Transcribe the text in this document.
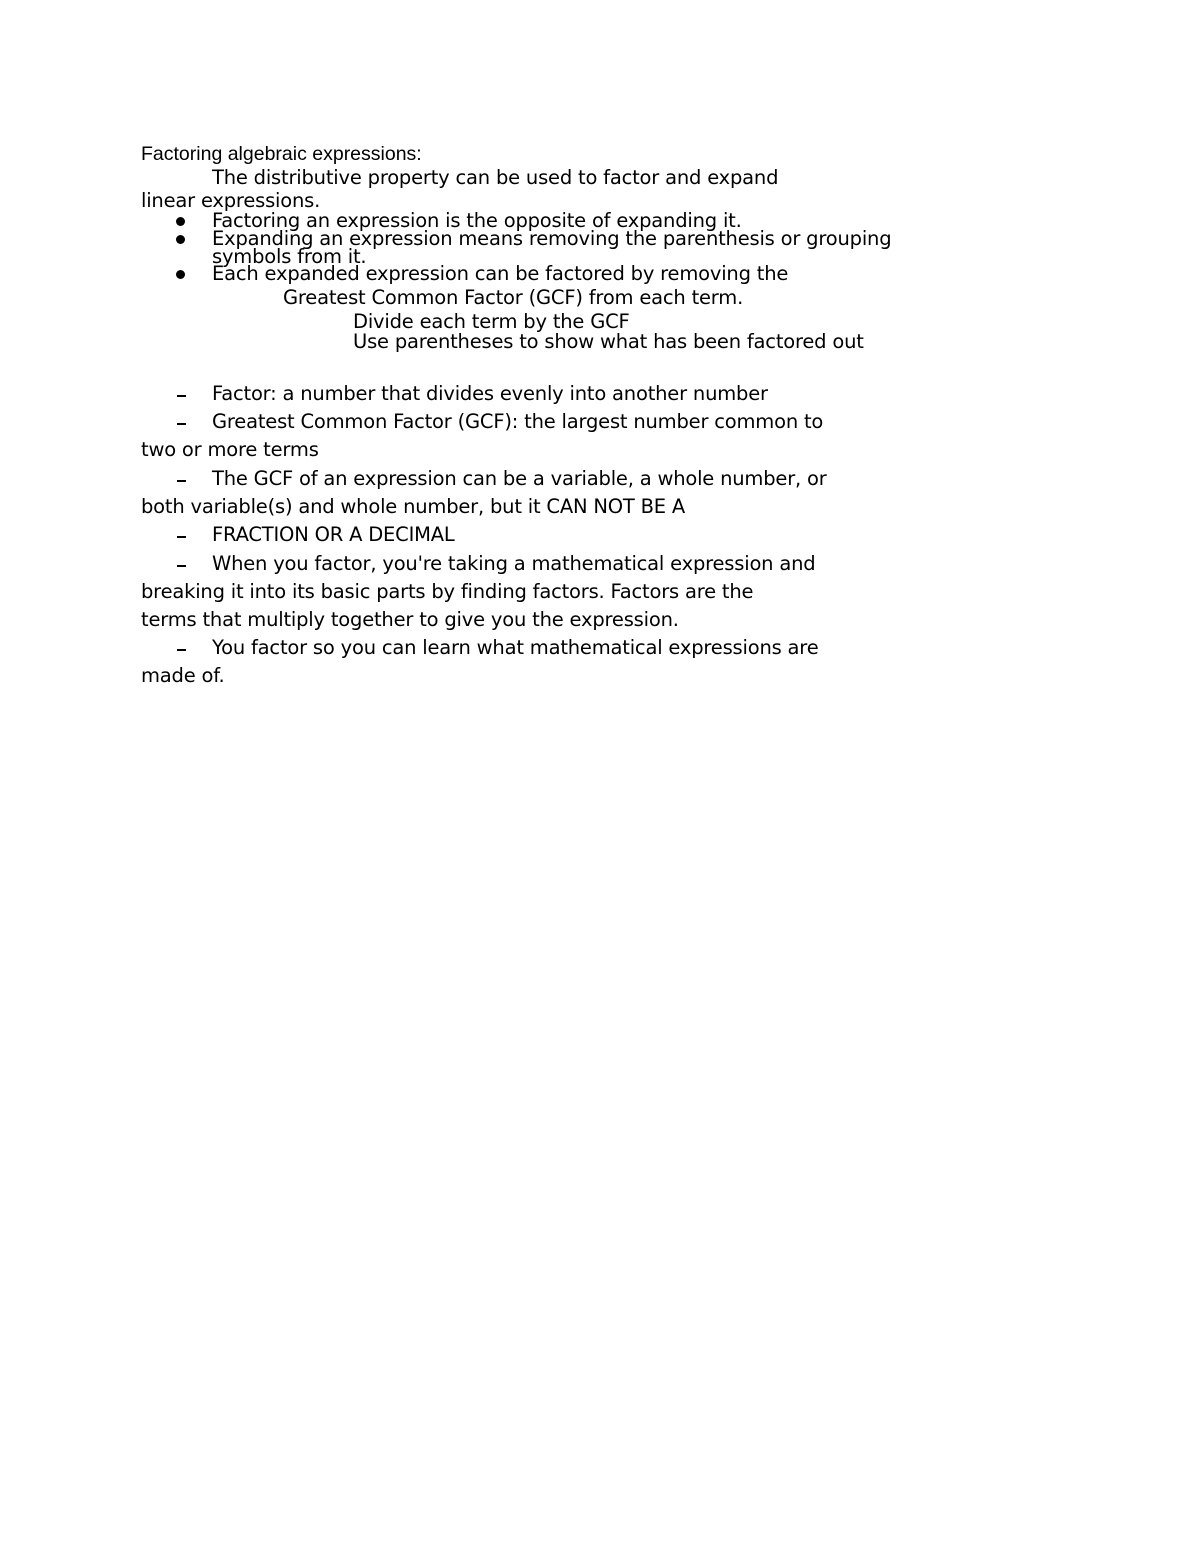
Factoring algebraic expressions:
The distributive property can be used to factor and expand
linear expressions.
Factoring an expression is the opposite of expanding it.
Expanding an expression means removing the parenthesis or grouping
symbols from it.
Each expanded expression can be factored by removing the
Greatest Common Factor (GCF) from each term.
Divide each term by the GCF
Use parentheses to show what has been factored out
Factor: a number that divides evenly into another number
Greatest Common Factor (GCF): the largest number common to
two or more terms
The GCF of an expression can be a variable, a whole number, or
both variable(s) and whole number, but it CAN NOT BE A
FRACTION OR A DECIMAL
When you factor, you're taking a mathematical expression and
breaking it into its basic parts by finding factors. Factors are the
terms that multiply together to give you the expression.
You factor so you can learn what mathematical expressions are
made of.
